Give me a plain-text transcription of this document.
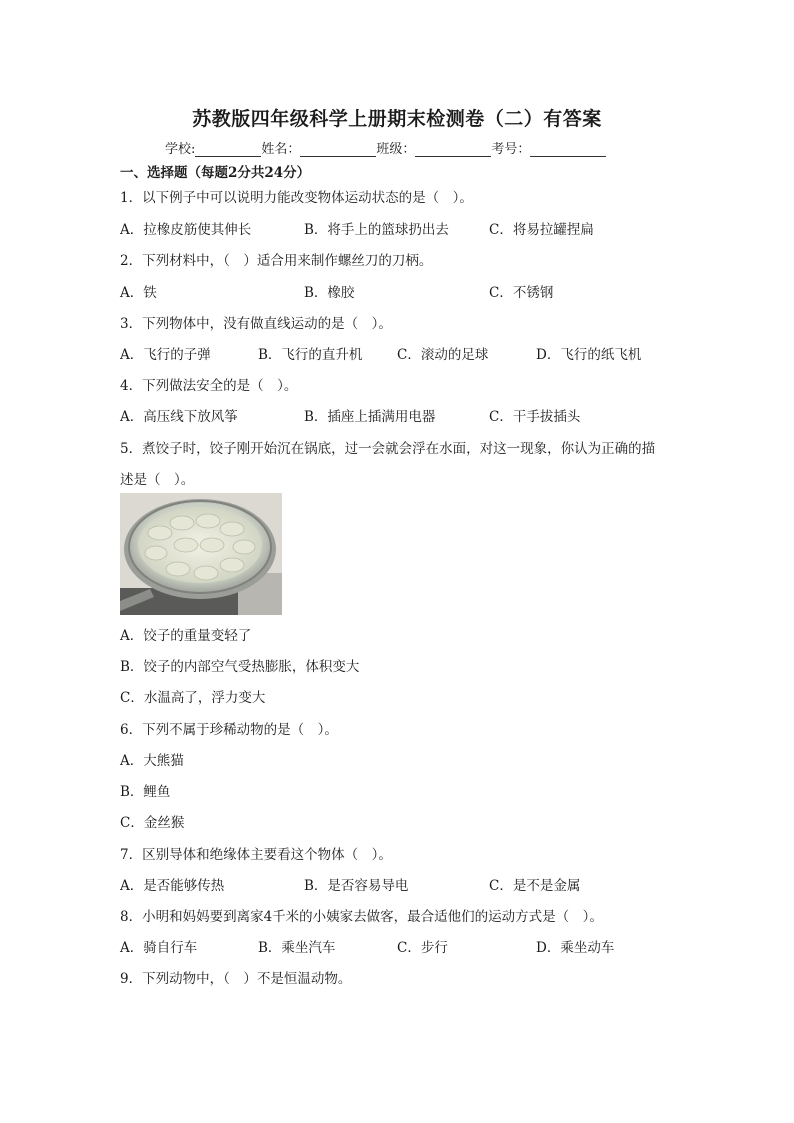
苏教版四年级科学上册期末检测卷（二）有答案
学校:	姓名：	班级：	考号：
一、选择题（每题2分共24分）
1．以下例子中可以说明力能改变物体运动状态的是（　）。
A．拉橡皮筋使其伸长	B．将手上的篮球扔出去	C．将易拉罐捏扁
2．下列材料中，（　）适合用来制作螺丝刀的刀柄。
A．铁	B．橡胶	C．不锈钢
3．下列物体中，没有做直线运动的是（　）。
A．飞行的子弹	B．飞行的直升机	C．滚动的足球	D．飞行的纸飞机
4．下列做法安全的是（　）。
A．高压线下放风筝	B．插座上插满用电器	C．干手拔插头
5．煮饺子时，饺子刚开始沉在锅底，过一会就会浮在水面，对这一现象，你认为正确的描
述是（　）。
A．饺子的重量变轻了
B．饺子的内部空气受热膨胀，体积变大
C．水温高了，浮力变大
6．下列不属于珍稀动物的是（　）。
A．大熊猫
B．鲤鱼
C．金丝猴
7．区别导体和绝缘体主要看这个物体（　）。
A．是否能够传热	B．是否容易导电	C．是不是金属
8．小明和妈妈要到离家4千米的小姨家去做客，最合适他们的运动方式是（　）。
A．骑自行车	B．乘坐汽车	C．步行	D．乘坐动车
9．下列动物中，（　）不是恒温动物。
